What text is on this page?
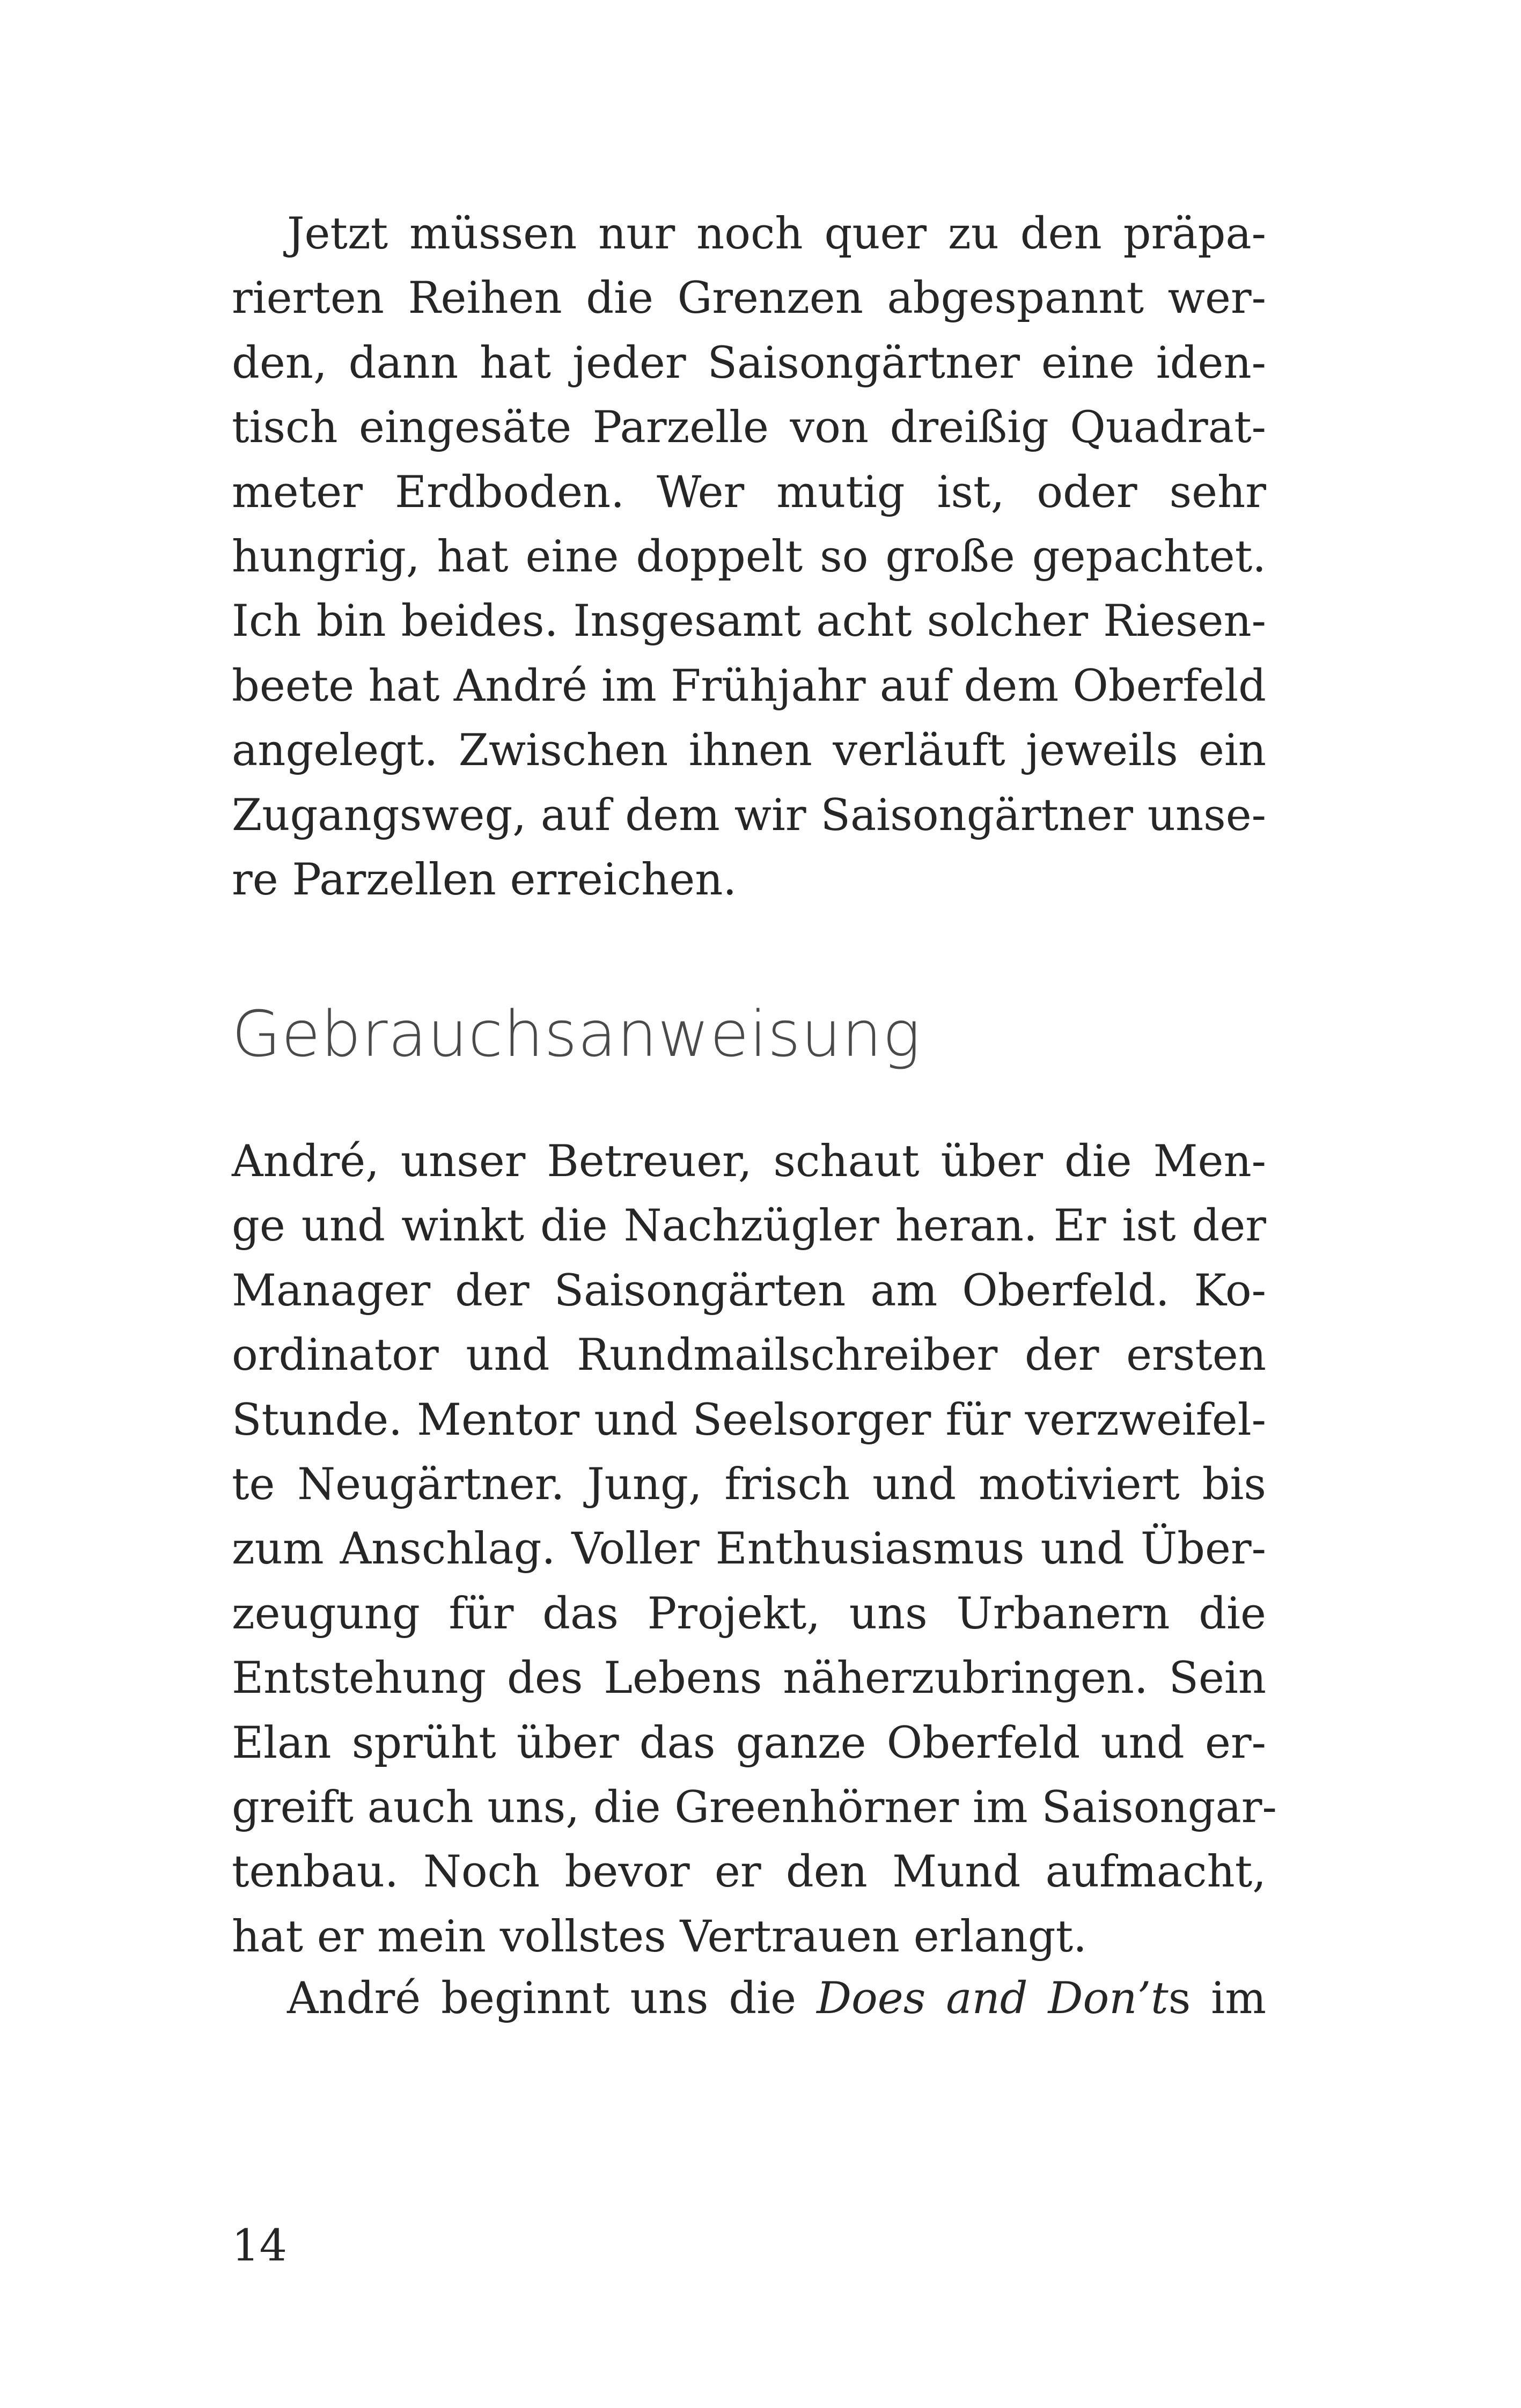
Jetzt müssen nur noch quer zu den präpa-
rierten Reihen die Grenzen abgespannt wer-
den, dann hat jeder Saisongärtner eine iden-
tisch eingesäte Parzelle von dreißig Quadrat-
meter Erdboden. Wer mutig ist, oder sehr
hungrig, hat eine doppelt so große gepachtet.
Ich bin beides. Insgesamt acht solcher Riesen-
beete hat André im Frühjahr auf dem Oberfeld
angelegt. Zwischen ihnen verläuft jeweils ein
Zugangsweg, auf dem wir Saisongärtner unse-
re Parzellen erreichen.
Gebrauchsanweisung
André, unser Betreuer, schaut über die Men-
ge und winkt die Nachzügler heran. Er ist der
Manager der Saisongärten am Oberfeld. Ko-
ordinator und Rundmailschreiber der ersten
Stunde. Mentor und Seelsorger für verzweifel-
te Neugärtner. Jung, frisch und motiviert bis
zum Anschlag. Voller Enthusiasmus und Über-
zeugung für das Projekt, uns Urbanern die
Entstehung des Lebens näherzubringen. Sein
Elan sprüht über das ganze Oberfeld und er-
greift auch uns, die Greenhörner im Saisongar-
tenbau. Noch bevor er den Mund aufmacht,
hat er mein vollstes Vertrauen erlangt.
André beginnt uns die Does and Don’ts im

14
